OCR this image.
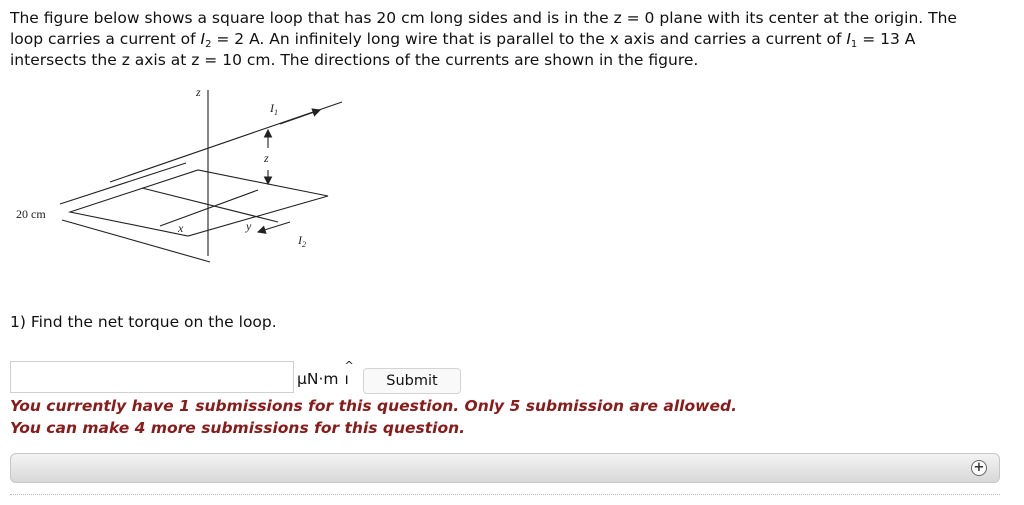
The figure below shows a square loop that has 20 cm long sides and is in the z = 0 plane with its center at the origin. The
loop carries a current of $I_2 = 2$ A. An infinitely long wire that is parallel to the x axis and carries a current of $I_1 = 13$ A
intersects the z axis at z = 10 cm. The directions of the currents are shown in the figure.
z
$I_1$
z
x	y
$I_2$
20 cm

1) Find the net torque on the loop.

μN·m ı
^
Submit

You currently have 1 submissions for this question. Only 5 submission are allowed.

You can make 4 more submissions for this question.

+
